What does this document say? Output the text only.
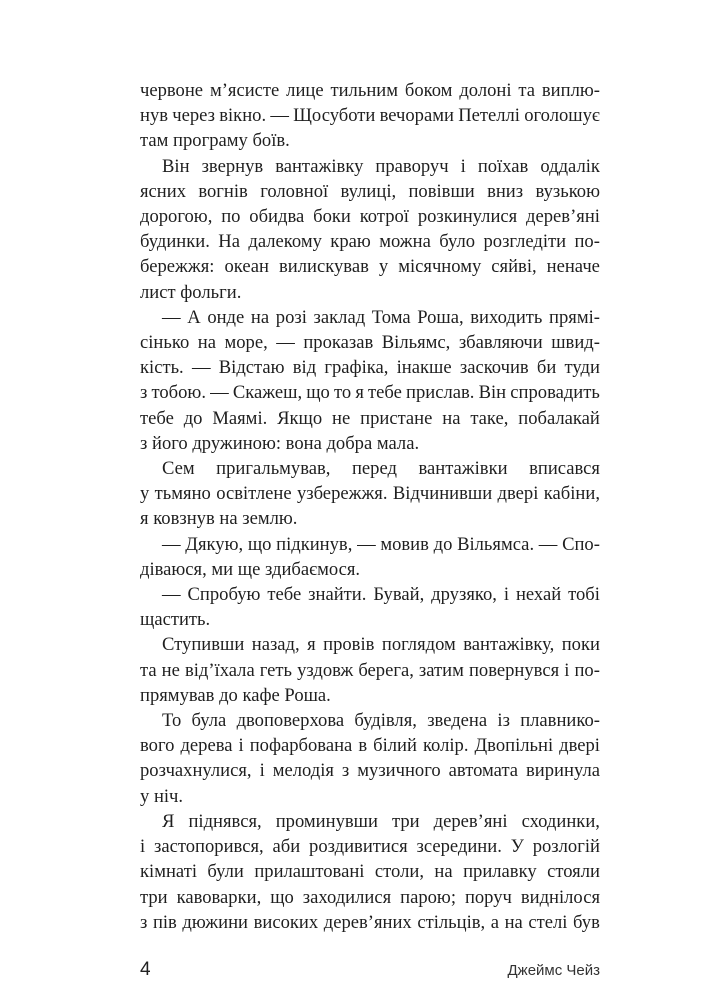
червоне м’ясисте лице тильним боком долоні та виплю-
нув через вікно. — Щосуботи вечорами Петеллі оголошує
там програму боїв.
Він звернув вантажівку праворуч і поїхав оддалік
ясних вогнів головної вулиці, повівши вниз вузькою
дорогою, по обидва боки котрої розкинулися дерев’яні
будинки. На далекому краю можна було розгледіти по-
бережжя: океан вилискував у місячному сяйві, неначе
лист фольги.
— А онде на розі заклад Тома Роша, виходить прямі-
сінько на море, — проказав Вільямс, збавляючи швид-
кість. — Відстаю від графіка, інакше заскочив би туди
з тобою. — Скажеш, що то я тебе прислав. Він спровадить
тебе до Маямі. Якщо не пристане на таке, побалакай
з його дружиною: вона добра мала.
Сем пригальмував, перед вантажівки вписався
у тьмяно освітлене узбережжя. Відчинивши двері кабіни,
я ковзнув на землю.
— Дякую, що підкинув, — мовив до Вільямса. — Спо-
діваюся, ми ще здибаємося.
— Спробую тебе знайти. Бувай, друзяко, і нехай тобі
щастить.
Ступивши назад, я провів поглядом вантажівку, поки
та не від’їхала геть уздовж берега, затим повернувся і по-
прямував до кафе Роша.
То була двоповерхова будівля, зведена із плавнико-
вого дерева і пофарбована в білий колір. Двопільні двері
розчахнулися, і мелодія з музичного автомата виринула
у ніч.
Я піднявся, проминувши три дерев’яні сходинки,
і застопорився, аби роздивитися зсередини. У розлогій
кімнаті були прилаштовані столи, на прилавку стояли
три кавоварки, що заходилися парою; поруч виднілося
з пів дюжини високих дерев’яних стільців, а на стелі був
4	Джеймс Чейз
